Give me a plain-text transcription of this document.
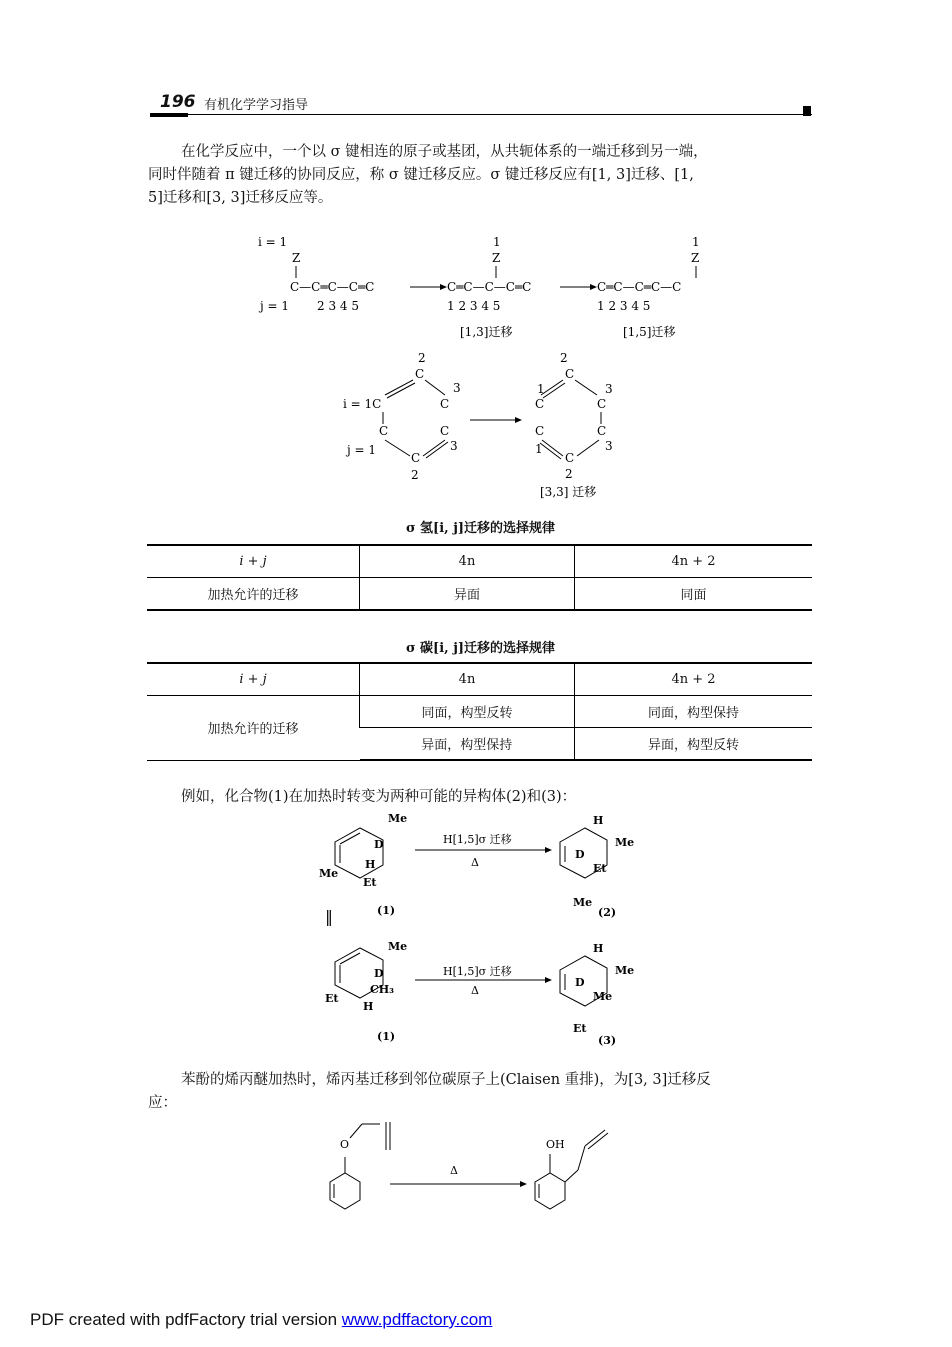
196 有机化学学习指导
在化学反应中，一个以 σ 键相连的原子或基团，从共轭体系的一端迁移到另一端，
同时伴随着 π 键迁移的协同反应，称 σ 键迁移反应。σ 键迁移反应有[1, 3]迁移、[1,
5]迁移和[3, 3]迁移反应等。
i = 1
Z
C—C═C—C═C
j = 1 2 3 4 5
1
Z
C═C—C—C═C
1 2 3 4 5
[1,3]迁移
1
Z
C═C—C═C—C
1 2 3 4 5
[1,5]迁移
2
C
3
i = 1C	C
C	C
j = 1	3
C
2
2
C
1	3
C	C
C	C
1	3
C
2
[3,3] 迁移
σ 氢[i, j]迁移的选择规律
i + j	4n	4n + 2
加热允许的迁移	异面	同面
σ 碳[i, j]迁移的选择规律
i + j	4n	4n + 2
加热允许的迁移	同面，构型反转	同面，构型保持
	异面，构型保持	异面，构型反转
例如，化合物(1)在加热时转变为两种可能的异构体(2)和(3)：
Me
D
H
Me
Et
(1)
‖
H[1,5]σ 迁移
Δ
H
D
Me
Et
Me
(2)
Me
D
CH₃
Et
H
(1)
H[1,5]σ 迁移
Δ
H
D
Me
Me
Et
(3)
苯酚的烯丙醚加热时，烯丙基迁移到邻位碳原子上(Claisen 重排)，为[3, 3]迁移反
应：
O
Δ
OH
PDF created with pdfFactory trial version www.pdffactory.com
